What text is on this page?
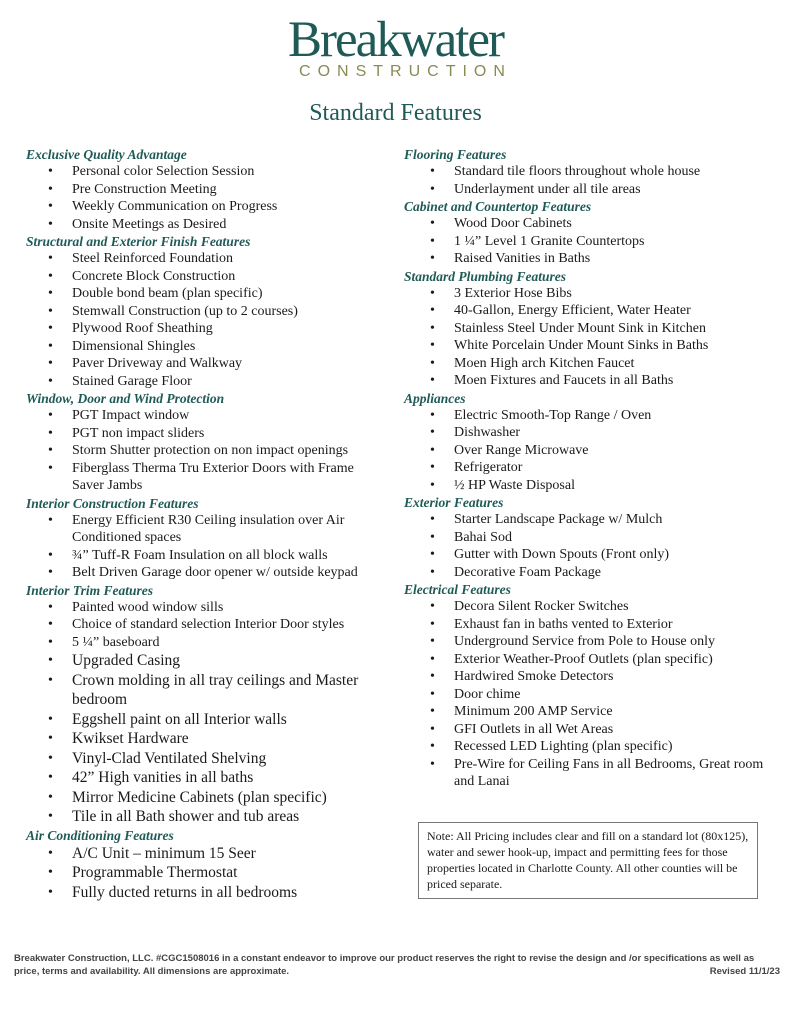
Breakwater
CONSTRUCTION
Standard Features
Exclusive Quality Advantage
• Personal color Selection Session
• Pre Construction Meeting
• Weekly Communication on Progress
• Onsite Meetings as Desired
Structural and Exterior Finish Features
• Steel Reinforced Foundation
• Concrete Block Construction
• Double bond beam (plan specific)
• Stemwall Construction (up to 2 courses)
• Plywood Roof Sheathing
• Dimensional Shingles
• Paver Driveway and Walkway
• Stained Garage Floor
Window, Door and Wind Protection
• PGT Impact window
• PGT non impact sliders
• Storm Shutter protection on non impact openings
• Fiberglass Therma Tru Exterior Doors with Frame Saver Jambs
Interior Construction Features
• Energy Efficient R30 Ceiling insulation over Air Conditioned spaces
• ¾” Tuff-R Foam Insulation on all block walls
• Belt Driven Garage door opener w/ outside keypad
Interior Trim Features
• Painted wood window sills
• Choice of standard selection Interior Door styles
• 5 ¼” baseboard
• Upgraded Casing
• Crown molding in all tray ceilings and Master bedroom
• Eggshell paint on all Interior walls
• Kwikset Hardware
• Vinyl-Clad Ventilated Shelving
• 42” High vanities in all baths
• Mirror Medicine Cabinets (plan specific)
• Tile in all Bath shower and tub areas
Air Conditioning Features
• A/C Unit – minimum 15 Seer
• Programmable Thermostat
• Fully ducted returns in all bedrooms
Flooring Features
• Standard tile floors throughout whole house
• Underlayment under all tile areas
Cabinet and Countertop Features
• Wood Door Cabinets
• 1 ¼” Level 1 Granite Countertops
• Raised Vanities in Baths
Standard Plumbing Features
• 3 Exterior Hose Bibs
• 40-Gallon, Energy Efficient, Water Heater
• Stainless Steel Under Mount Sink in Kitchen
• White Porcelain Under Mount Sinks in Baths
• Moen High arch Kitchen Faucet
• Moen Fixtures and Faucets in all Baths
Appliances
• Electric Smooth-Top Range / Oven
• Dishwasher
• Over Range Microwave
• Refrigerator
• ½ HP Waste Disposal
Exterior Features
• Starter Landscape Package w/ Mulch
• Bahai Sod
• Gutter with Down Spouts (Front only)
• Decorative Foam Package
Electrical Features
• Decora Silent Rocker Switches
• Exhaust fan in baths vented to Exterior
• Underground Service from Pole to House only
• Exterior Weather-Proof Outlets (plan specific)
• Hardwired Smoke Detectors
• Door chime
• Minimum 200 AMP Service
• GFI Outlets in all Wet Areas
• Recessed LED Lighting (plan specific)
• Pre-Wire for Ceiling Fans in all Bedrooms, Great room and Lanai
Note: All Pricing includes clear and fill on a standard lot (80x125), water and sewer hook-up, impact and permitting fees for those properties located in Charlotte County. All other counties will be priced separate.
Breakwater Construction, LLC. #CGC1508016 in a constant endeavor to improve our product reserves the right to revise the design and /or specifications as well as price, terms and availability. All dimensions are approximate.	Revised 11/1/23
